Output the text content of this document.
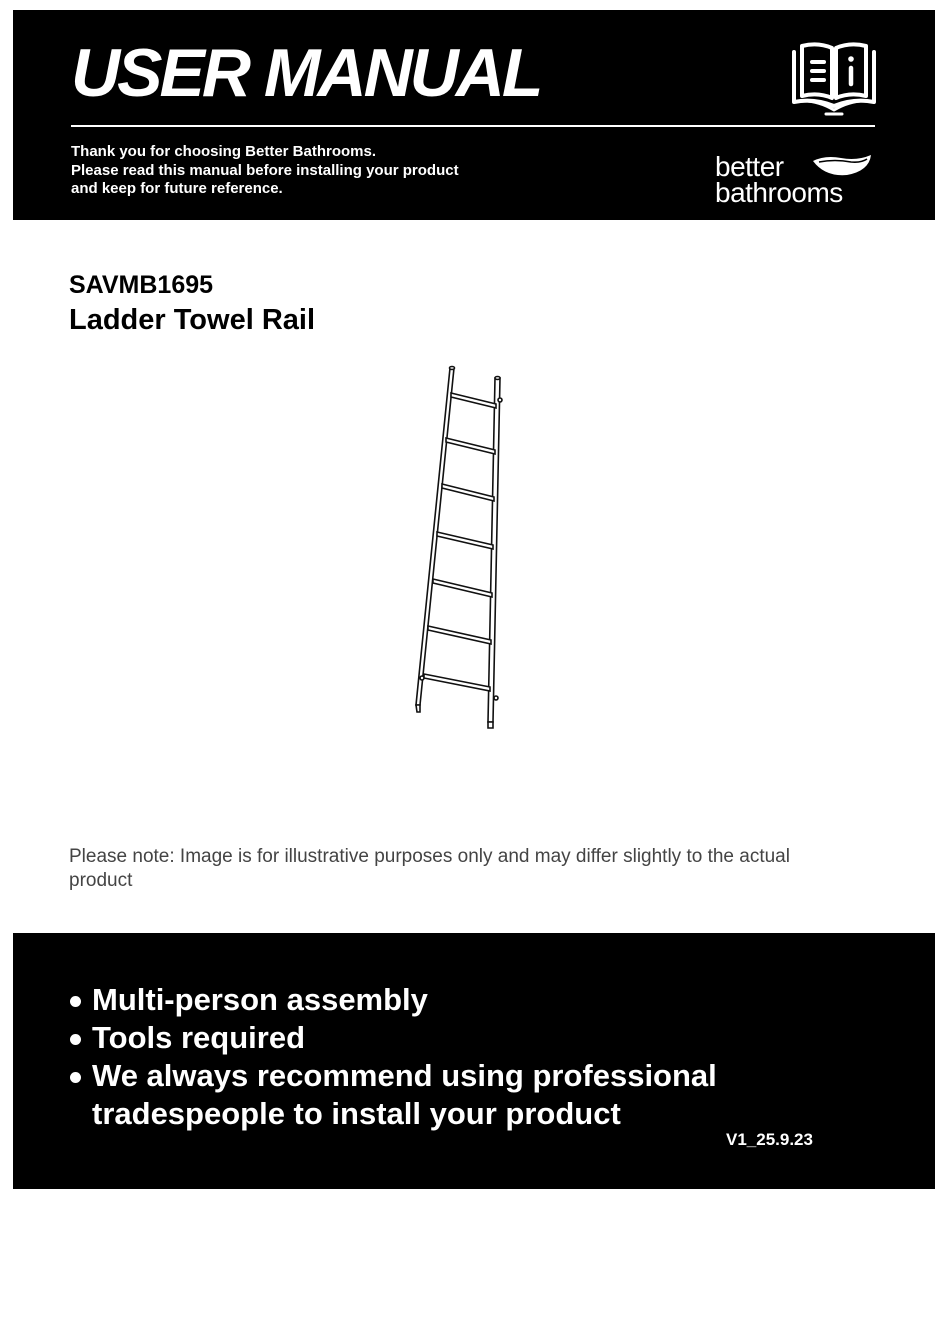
USER MANUAL
Thank you for choosing Better Bathrooms.
Please read this manual before installing your product
and keep for future reference.
better
bathrooms
SAVMB1695
Ladder Towel Rail

Please note: Image is for illustrative purposes only and may differ slightly to the actual product

Multi-person assembly
Tools required
We always recommend using professional tradespeople to install your product
V1_25.9.23
